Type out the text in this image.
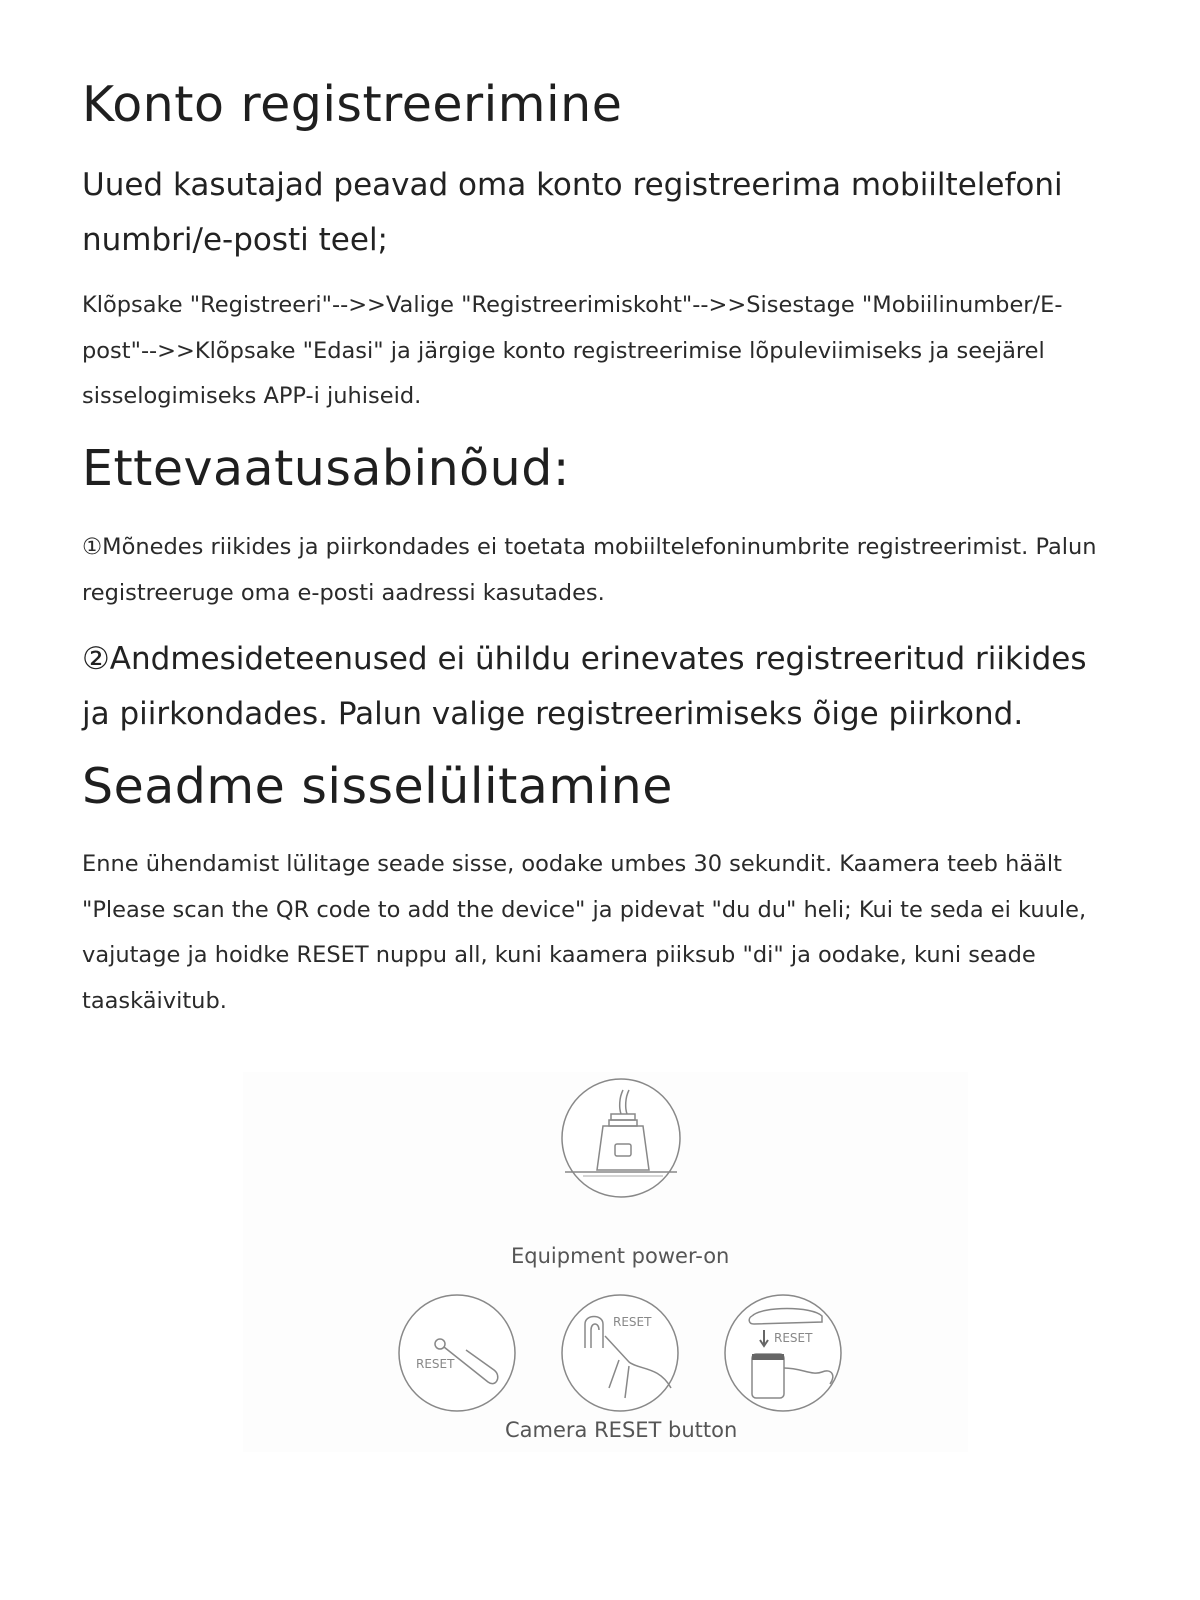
Konto registreerimine

Uued kasutajad peavad oma konto registreerima mobiiltelefoni numbri/e-posti teel;

Klõpsake "Registreeri"-->>Valige "Registreerimiskoht"-->>Sisestage "Mobiilinumber/E-post"-->>Klõpsake "Edasi" ja järgige konto registreerimise lõpuleviimiseks ja seejärel sisselogimiseks APP-i juhiseid.

Ettevaatusabinõud:

①Mõnedes riikides ja piirkondades ei toetata mobiiltelefoninumbrite registreerimist. Palun registreeruge oma e-posti aadressi kasutades.

②Andmesideteenused ei ühildu erinevates registreeritud riikides ja piirkondades. Palun valige registreerimiseks õige piirkond.

Seadme sisselülitamine

Enne ühendamist lülitage seade sisse, oodake umbes 30 sekundit. Kaamera teeb häält "Please scan the QR code to add the device" ja pidevat "du du" heli; Kui te seda ei kuule, vajutage ja hoidke RESET nuppu all, kuni kaamera piiksub "di" ja oodake, kuni seade taaskäivitub.

Equipment power-on
RESET
RESET
RESET
Camera RESET button
